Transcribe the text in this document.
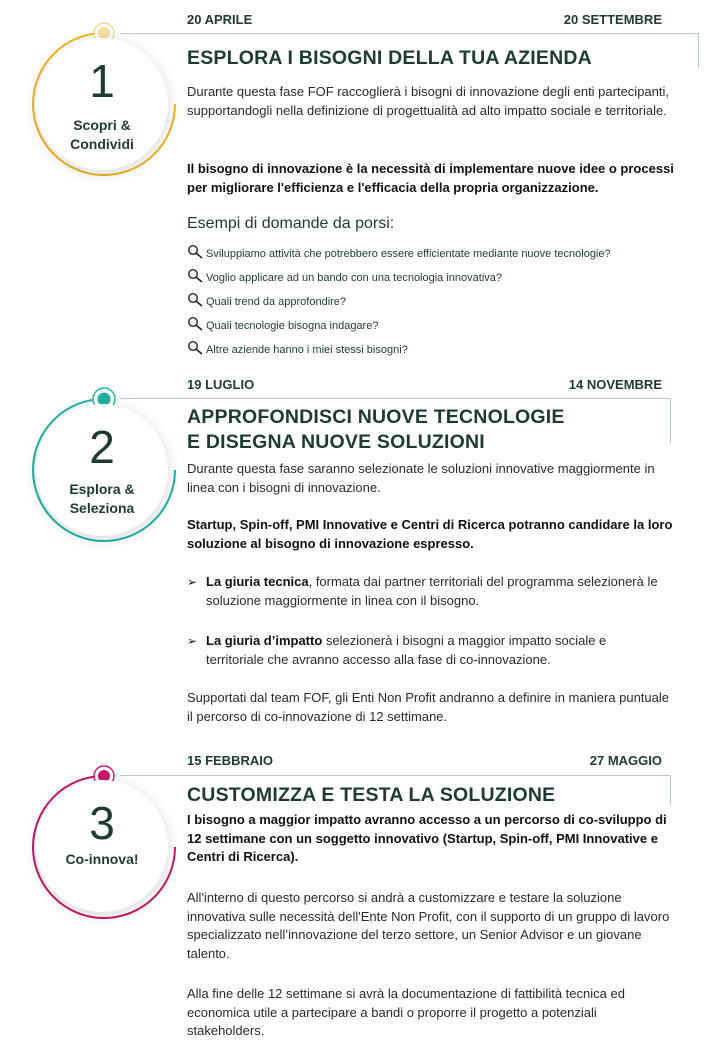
1
Scopri &
Condividi
20 APRILE	20 SETTEMBRE
ESPLORA I BISOGNI DELLA TUA AZIENDA

Durante questa fase FOF raccoglierà i bisogni di innovazione degli enti partecipanti, supportandogli nella definizione di progettualità ad alto impatto sociale e territoriale.

Il bisogno di innovazione è la necessità di implementare nuove idee o processi per migliorare l'efficienza e l'efficacia della propria organizzazione.

Esempi di domande da porsi:
Sviluppiamo attività che potrebbero essere efficientate mediante nuove tecnologie?
Voglio applicare ad un bando con una tecnologia innovativa?
Quali trend da approfondire?
Quali tecnologie bisogna indagare?
Altre aziende hanno i miei stessi bisogni?
2
Esplora &
Seleziona
19 LUGLIO	14 NOVEMBRE
APPROFONDISCI NUOVE TECNOLOGIE
E DISEGNA NUOVE SOLUZIONI

Durante questa fase saranno selezionate le soluzioni innovative maggiormente in linea con i bisogni di innovazione.

Startup, Spin-off, PMI Innovative e Centri di Ricerca potranno candidare la loro soluzione al bisogno di innovazione espresso.

➢ La giuria tecnica, formata dai partner territoriali del programma selezionerà le soluzione maggiormente in linea con il bisogno.
➢ La giuria d’impatto selezionerà i bisogni a maggior impatto sociale e territoriale che avranno accesso alla fase di co-innovazione.

Supportati dal team FOF, gli Enti Non Profit andranno a definire in maniera puntuale il percorso di co-innovazione di 12 settimane.

3
Co-innova!
15 FEBBRAIO	27 MAGGIO
CUSTOMIZZA E TESTA LA SOLUZIONE

I bisogno a maggior impatto avranno accesso a un percorso di co-sviluppo di 12 settimane con un soggetto innovativo (Startup, Spin-off, PMI Innovative e Centri di Ricerca).

All'interno di questo percorso si andrà a customizzare e testare la soluzione innovativa sulle necessità dell'Ente Non Profit, con il supporto di un gruppo di lavoro specializzato nell’innovazione del terzo settore, un Senior Advisor e un giovane talento.

Alla fine delle 12 settimane si avrà la documentazione di fattibilità tecnica ed economica utile a partecipare a bandi o proporre il progetto a potenziali stakeholders.
